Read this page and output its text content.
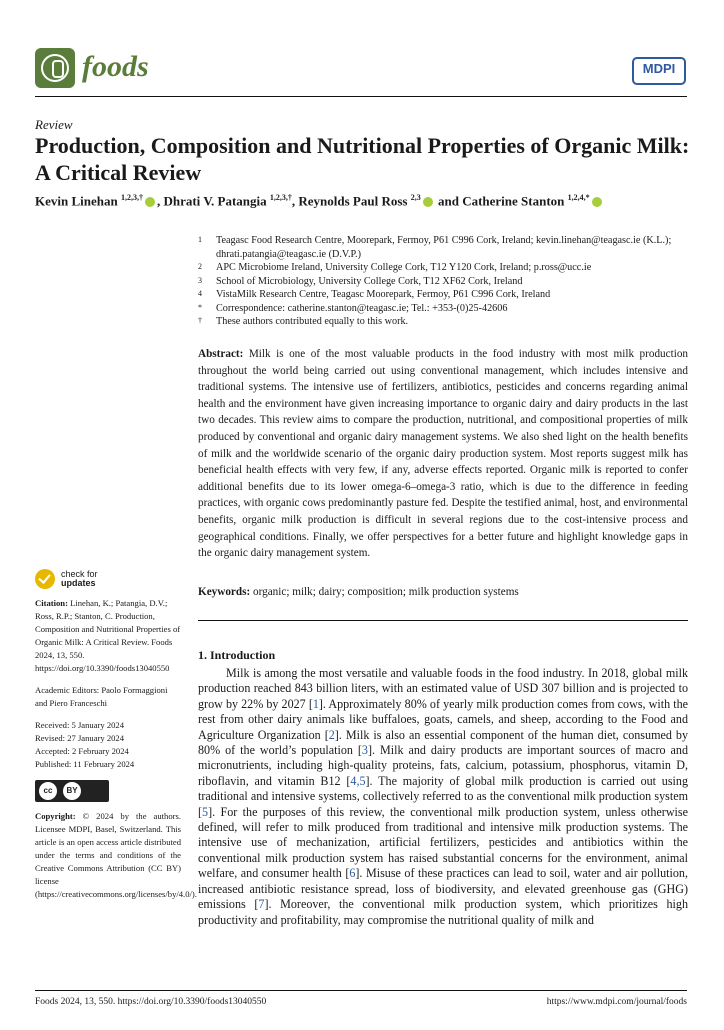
foods	MDPI
Review
Production, Composition and Nutritional Properties of Organic Milk: A Critical Review
Kevin Linehan $^{1,2,3,\dagger}$ , Dhrati V. Patangia $^{1,2,3,\dagger}$, Reynolds Paul Ross $^{2,3}$ and Catherine Stanton $^{1,2,4,*}$
1 Teagasc Food Research Centre, Moorepark, Fermoy, P61 C996 Cork, Ireland; kevin.linehan@teagasc.ie (K.L.); dhrati.patangia@teagasc.ie (D.V.P.)
2 APC Microbiome Ireland, University College Cork, T12 Y120 Cork, Ireland; p.ross@ucc.ie
3 School of Microbiology, University College Cork, T12 XF62 Cork, Ireland
4 VistaMilk Research Centre, Teagasc Moorepark, Fermoy, P61 C996 Cork, Ireland
* Correspondence: catherine.stanton@teagasc.ie; Tel.: +353-(0)25-42606
† These authors contributed equally to this work.
Abstract: Milk is one of the most valuable products in the food industry with most milk production throughout the world being carried out using conventional management, which includes intensive and traditional systems. The intensive use of fertilizers, antibiotics, pesticides and concerns regarding animal health and the environment have given increasing importance to organic dairy and dairy products in the last two decades. This review aims to compare the production, nutritional, and compositional properties of milk produced by conventional and organic dairy management systems. We also shed light on the health benefits of milk and the worldwide scenario of the organic dairy production system. Most reports suggest milk has beneficial health effects with very few, if any, adverse effects reported. Organic milk is reported to confer additional benefits due to its lower omega-6–omega-3 ratio, which is due to the difference in feeding practices, with organic cows predominantly pasture fed. Despite the testified animal, host, and environmental benefits, organic milk production is difficult in several regions due to the cost-intensive process and geographical conditions. Finally, we offer perspectives for a better future and highlight knowledge gaps in the organic dairy management system.
Keywords: organic; milk; dairy; composition; milk production systems
1. Introduction
Milk is among the most versatile and valuable foods in the food industry. In 2018, global milk production reached 843 billion liters, with an estimated value of USD 307 billion and is projected to grow by 22% by 2027 [1]. Approximately 80% of yearly milk production comes from cows, with the rest from other dairy animals like buffaloes, goats, camels, and sheep, according to the Food and Agriculture Organization [2]. Milk is also an essential component of the human diet, consumed by 80% of the world’s population [3]. Milk and dairy products are important sources of macro and micronutrients, including high-quality proteins, fats, calcium, potassium, phosphorus, vitamin D, riboflavin, and vitamin B12 [4,5]. The majority of global milk production is carried out using traditional and intensive systems, collectively referred to as the conventional milk production system [5]. For the purposes of this review, the conventional milk production system, unless otherwise defined, will refer to milk produced from traditional and intensive milk production systems. The intensive use of mechanization, artificial fertilizers, pesticides and antibiotics within the conventional milk production system has raised substantial concerns for the environment, animal welfare, and consumer health [6]. Misuse of these practices can lead to soil, water and air pollution, increased antibiotic resistance spread, loss of biodiversity, and elevated greenhouse gas (GHG) emissions [7]. Moreover, the conventional milk production system, which prioritizes high productivity and profitability, may compromise the nutritional quality of milk and
check for
updates
Citation: Linehan, K.; Patangia, D.V.; Ross, R.P.; Stanton, C. Production, Composition and Nutritional Properties of Organic Milk: A Critical Review. Foods 2024, 13, 550. https://doi.org/10.3390/foods13040550
Academic Editors: Paolo Formaggioni and Piero Franceschi
Received: 5 January 2024
Revised: 27 January 2024
Accepted: 2 February 2024
Published: 11 February 2024
cc	BY
Copyright: © 2024 by the authors. Licensee MDPI, Basel, Switzerland. This article is an open access article distributed under the terms and conditions of the Creative Commons Attribution (CC BY) license (https://creativecommons.org/licenses/by/4.0/).
Foods 2024, 13, 550. https://doi.org/10.3390/foods13040550	https://www.mdpi.com/journal/foods
